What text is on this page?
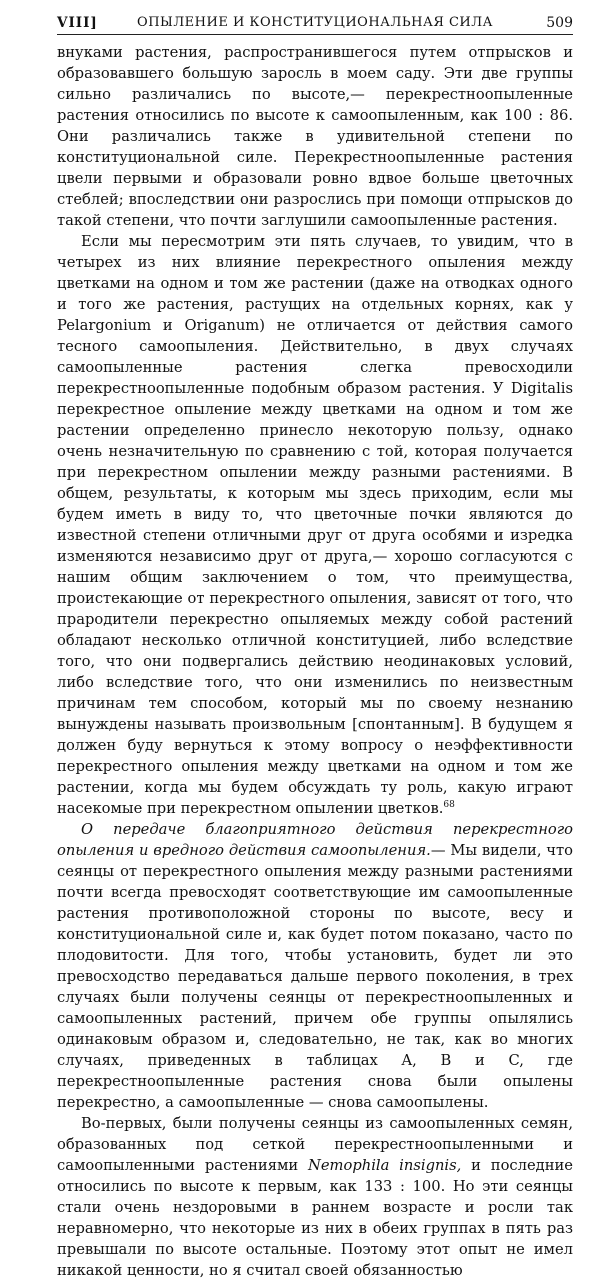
VIII]	ОПЫЛЕНИЕ И КОНСТИТУЦИОНАЛЬНАЯ СИЛА	509

внуками растения, распространившегося путем отпрысков и образовавшего большую заросль в моем саду. Эти две группы сильно различались по высоте,— перекрестноопыленные растения относились по высоте к самоопыленным, как 100 : 86. Они различались также в удивительной степени по конституциональной силе. Перекрестноопыленные растения цвели первыми и образовали ровно вдвое больше цветочных стеблей; впоследствии они разрослись при помощи отпрысков до такой степени, что почти заглушили самоопыленные растения.

Если мы пересмотрим эти пять случаев, то увидим, что в четырех из них влияние перекрестного опыления между цветками на одном и том же растении (даже на отводках одного и того же растения, растущих на отдельных корнях, как у Pelargonium и Origanum) не отличается от действия самого тесного самоопыления. Действительно, в двух случаях самоопыленные растения слегка превосходили перекрестноопыленные подобным образом растения. У Digitalis перекрестное опыление между цветками на одном и том же растении определенно принесло некоторую пользу, однако очень незначительную по сравнению с той, которая получается при перекрестном опылении между разными растениями. В общем, результаты, к которым мы здесь приходим, если мы будем иметь в виду то, что цветочные почки являются до известной степени отличными друг от друга особями и изредка изменяются независимо друг от друга,— хорошо согласуются с нашим общим заключением о том, что преимущества, проистекающие от перекрестного опыления, зависят от того, что прародители перекрестно опыляемых между собой растений обладают несколько отличной конституцией, либо вследствие того, что они подвергались действию неодинаковых условий, либо вследствие того, что они изменились по неизвестным причинам тем способом, который мы по своему незнанию вынуждены называть произвольным [спонтанным]. В будущем я должен буду вернуться к этому вопросу о неэффективности перекрестного опыления между цветками на одном и том же растении, когда мы будем обсуждать ту роль, какую играют насекомые при перекрестном опылении цветков.$^{68}$

О передаче благоприятного действия перекрестного опыления и вредного действия самоопыления.— Мы видели, что сеянцы от перекрестного опыления между разными растениями почти всегда превосходят соответствующие им самоопыленные растения противоположной стороны по высоте, весу и конституциональной силе и, как будет потом показано, часто по плодовитости. Для того, чтобы установить, будет ли это превосходство передаваться дальше первого поколения, в трех случаях были получены сеянцы от перекрестноопыленных и самоопыленных растений, причем обе группы опылялись одинаковым образом и, следовательно, не так, как во многих случаях, приведенных в таблицах A, B и C, где перекрестноопыленные растения снова были опылены перекрестно, а самоопыленные — снова самоопылены.

Во-первых, были получены сеянцы из самоопыленных семян, образованных под сеткой перекрестноопыленными и самоопыленными растениями Nemophila insignis, и последние относились по высоте к первым, как 133 : 100. Но эти сеянцы стали очень нездоровыми в раннем возрасте и росли так неравномерно, что некоторые из них в обеих группах в пять раз превышали по высоте остальные. Поэтому этот опыт не имел никакой ценности, но я считал своей обязанностью
